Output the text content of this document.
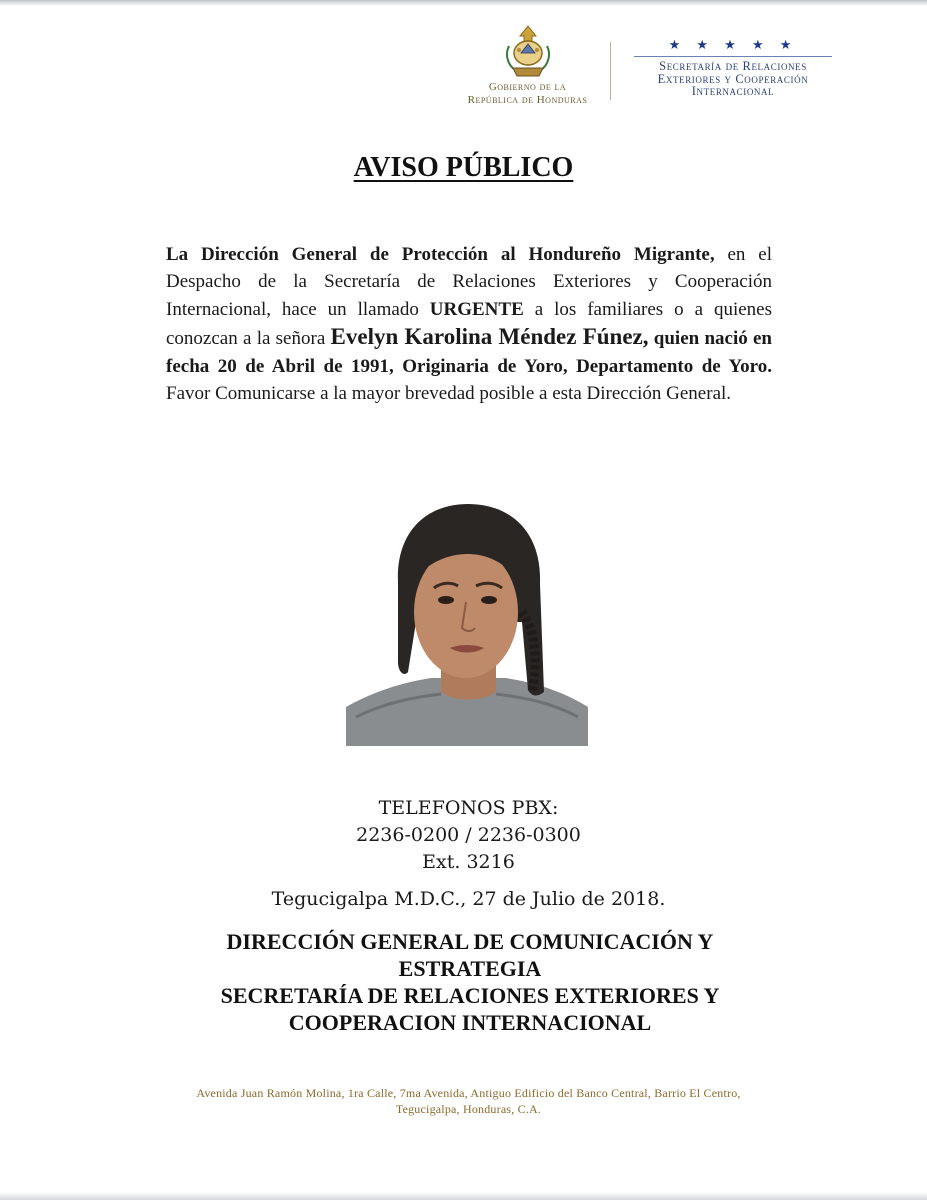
Gobierno de la
República de Honduras
★ ★ ★ ★ ★
Secretaría de Relaciones
Exteriores y Cooperación
Internacional
AVISO PÚBLICO
La Dirección General de Protección al Hondureño Migrante, en el Despacho de la Secretaría de Relaciones Exteriores y Cooperación Internacional, hace un llamado URGENTE a los familiares o a quienes conozcan a la señora Evelyn Karolina Méndez Fúnez, quien nació en fecha 20 de Abril de 1991, Originaria de Yoro, Departamento de Yoro. Favor Comunicarse a la mayor brevedad posible a esta Dirección General.
TELEFONOS PBX:
2236-0200 / 2236-0300
Ext. 3216
Tegucigalpa M.D.C., 27 de Julio de 2018.
DIRECCIÓN GENERAL DE COMUNICACIÓN Y
ESTRATEGIA
SECRETARÍA DE RELACIONES EXTERIORES Y
COOPERACION INTERNACIONAL
Avenida Juan Ramón Molina, 1ra Calle, 7ma Avenida, Antiguo Edificio del Banco Central, Barrio El Centro,
Tegucigalpa, Honduras, C.A.
